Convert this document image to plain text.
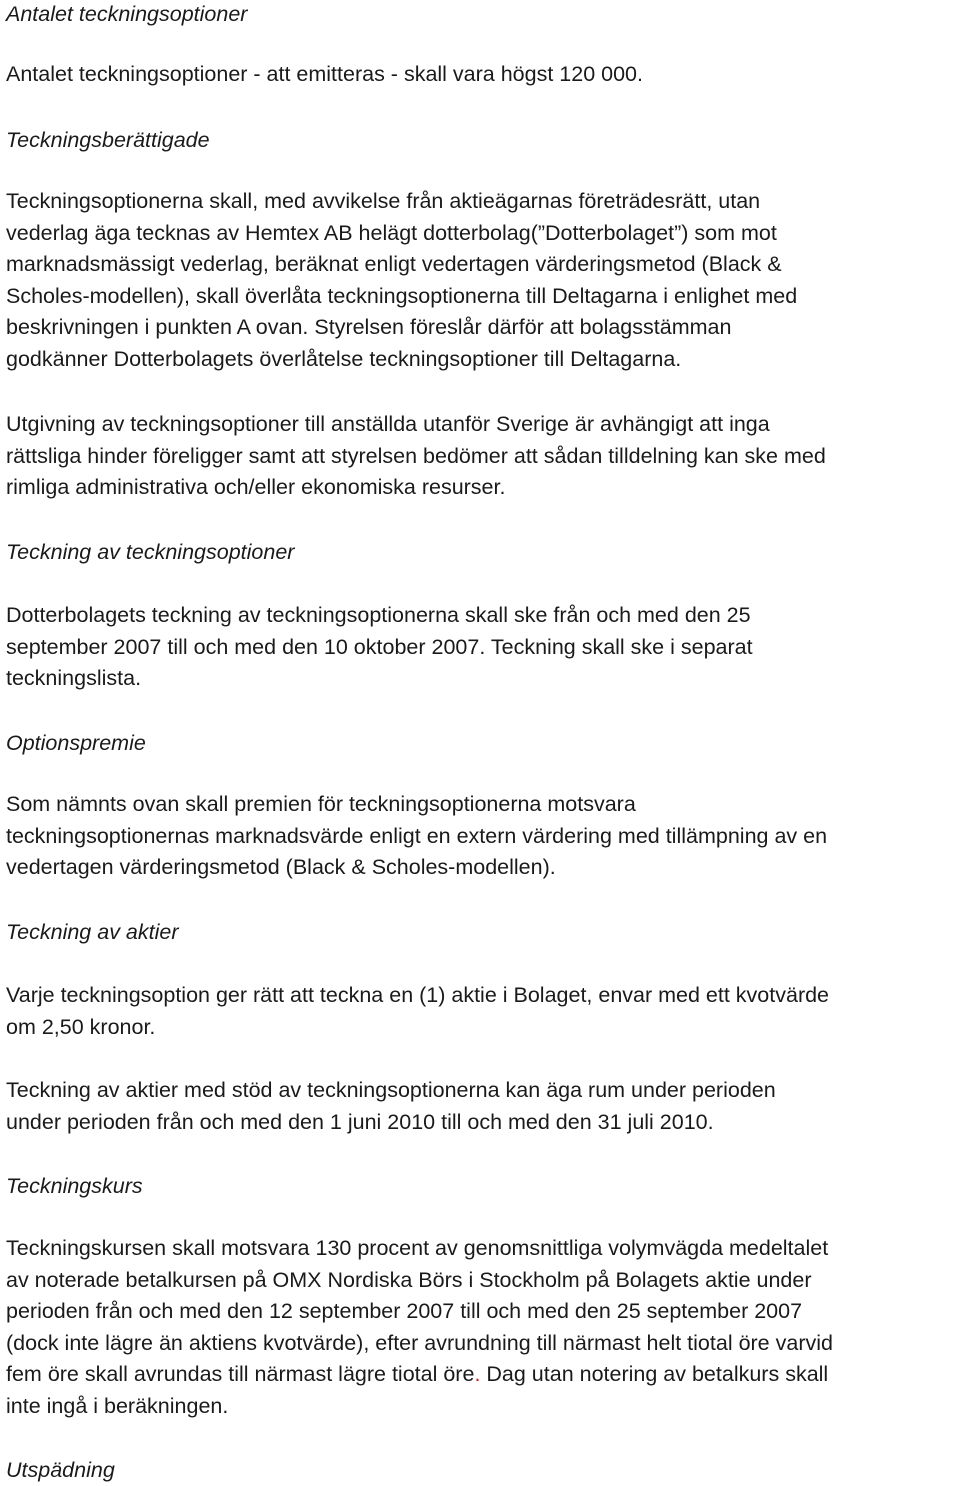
Antalet teckningsoptioner

Antalet teckningsoptioner - att emitteras - skall vara högst 120 000.

Teckningsberättigade

Teckningsoptionerna skall, med avvikelse från aktieägarnas företrädesrätt, utan
vederlag äga tecknas av Hemtex AB helägt dotterbolag(”Dotterbolaget”) som mot
marknadsmässigt vederlag, beräknat enligt vedertagen värderingsmetod (Black &
Scholes-modellen), skall överlåta teckningsoptionerna till Deltagarna i enlighet med
beskrivningen i punkten A ovan. Styrelsen föreslår därför att bolagsstämman
godkänner Dotterbolagets överlåtelse teckningsoptioner till Deltagarna.

Utgivning av teckningsoptioner till anställda utanför Sverige är avhängigt att inga
rättsliga hinder föreligger samt att styrelsen bedömer att sådan tilldelning kan ske med
rimliga administrativa och/eller ekonomiska resurser.

Teckning av teckningsoptioner

Dotterbolagets teckning av teckningsoptionerna skall ske från och med den 25
september 2007 till och med den 10 oktober 2007. Teckning skall ske i separat
teckningslista.

Optionspremie

Som nämnts ovan skall premien för teckningsoptionerna motsvara
teckningsoptionernas marknadsvärde enligt en extern värdering med tillämpning av en
vedertagen värderingsmetod (Black & Scholes-modellen).

Teckning av aktier

Varje teckningsoption ger rätt att teckna en (1) aktie i Bolaget, envar med ett kvotvärde
om 2,50 kronor.

Teckning av aktier med stöd av teckningsoptionerna kan äga rum under perioden
under perioden från och med den 1 juni 2010 till och med den 31 juli 2010.

Teckningskurs

Teckningskursen skall motsvara 130 procent av genomsnittliga volymvägda medeltalet
av noterade betalkursen på OMX Nordiska Börs i Stockholm på Bolagets aktie under
perioden från och med den 12 september 2007 till och med den 25 september 2007
(dock inte lägre än aktiens kvotvärde), efter avrundning till närmast helt tiotal öre varvid
fem öre skall avrundas till närmast lägre tiotal öre. Dag utan notering av betalkurs skall
inte ingå i beräkningen.

Utspädning
